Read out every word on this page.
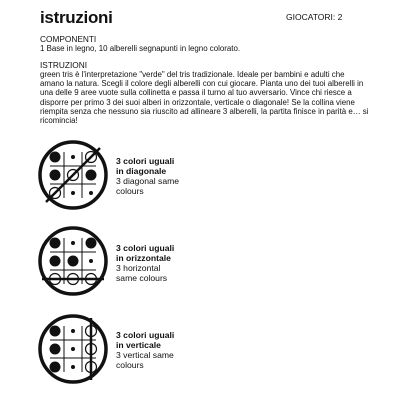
istruzioni	GIOCATORI: 2
COMPONENTI
1 Base in legno, 10 alberelli segnapunti in legno colorato.
ISTRUZIONI
green tris è l'interpretazione "verde" del tris tradizionale. Ideale per bambini e adulti che amano la natura. Scegli il colore degli alberelli con cui giocare. Pianta uno dei tuoi alberelli in una delle 9 aree vuote sulla collinetta e passa il turno al tuo avversario. Vince chi riesce a disporre per primo 3 dei suoi alberi in orizzontale, verticale o diagonale! Se la collina viene riempita senza che nessuno sia riuscito ad allineare 3 alberelli, la partita finisce in parità e… si ricomincia!
3 colori uguali
in diagonale
3 diagonal same
colours
3 colori uguali
in orizzontale
3 horizontal
same colours
3 colori uguali
in verticale
3 vertical same
colours
